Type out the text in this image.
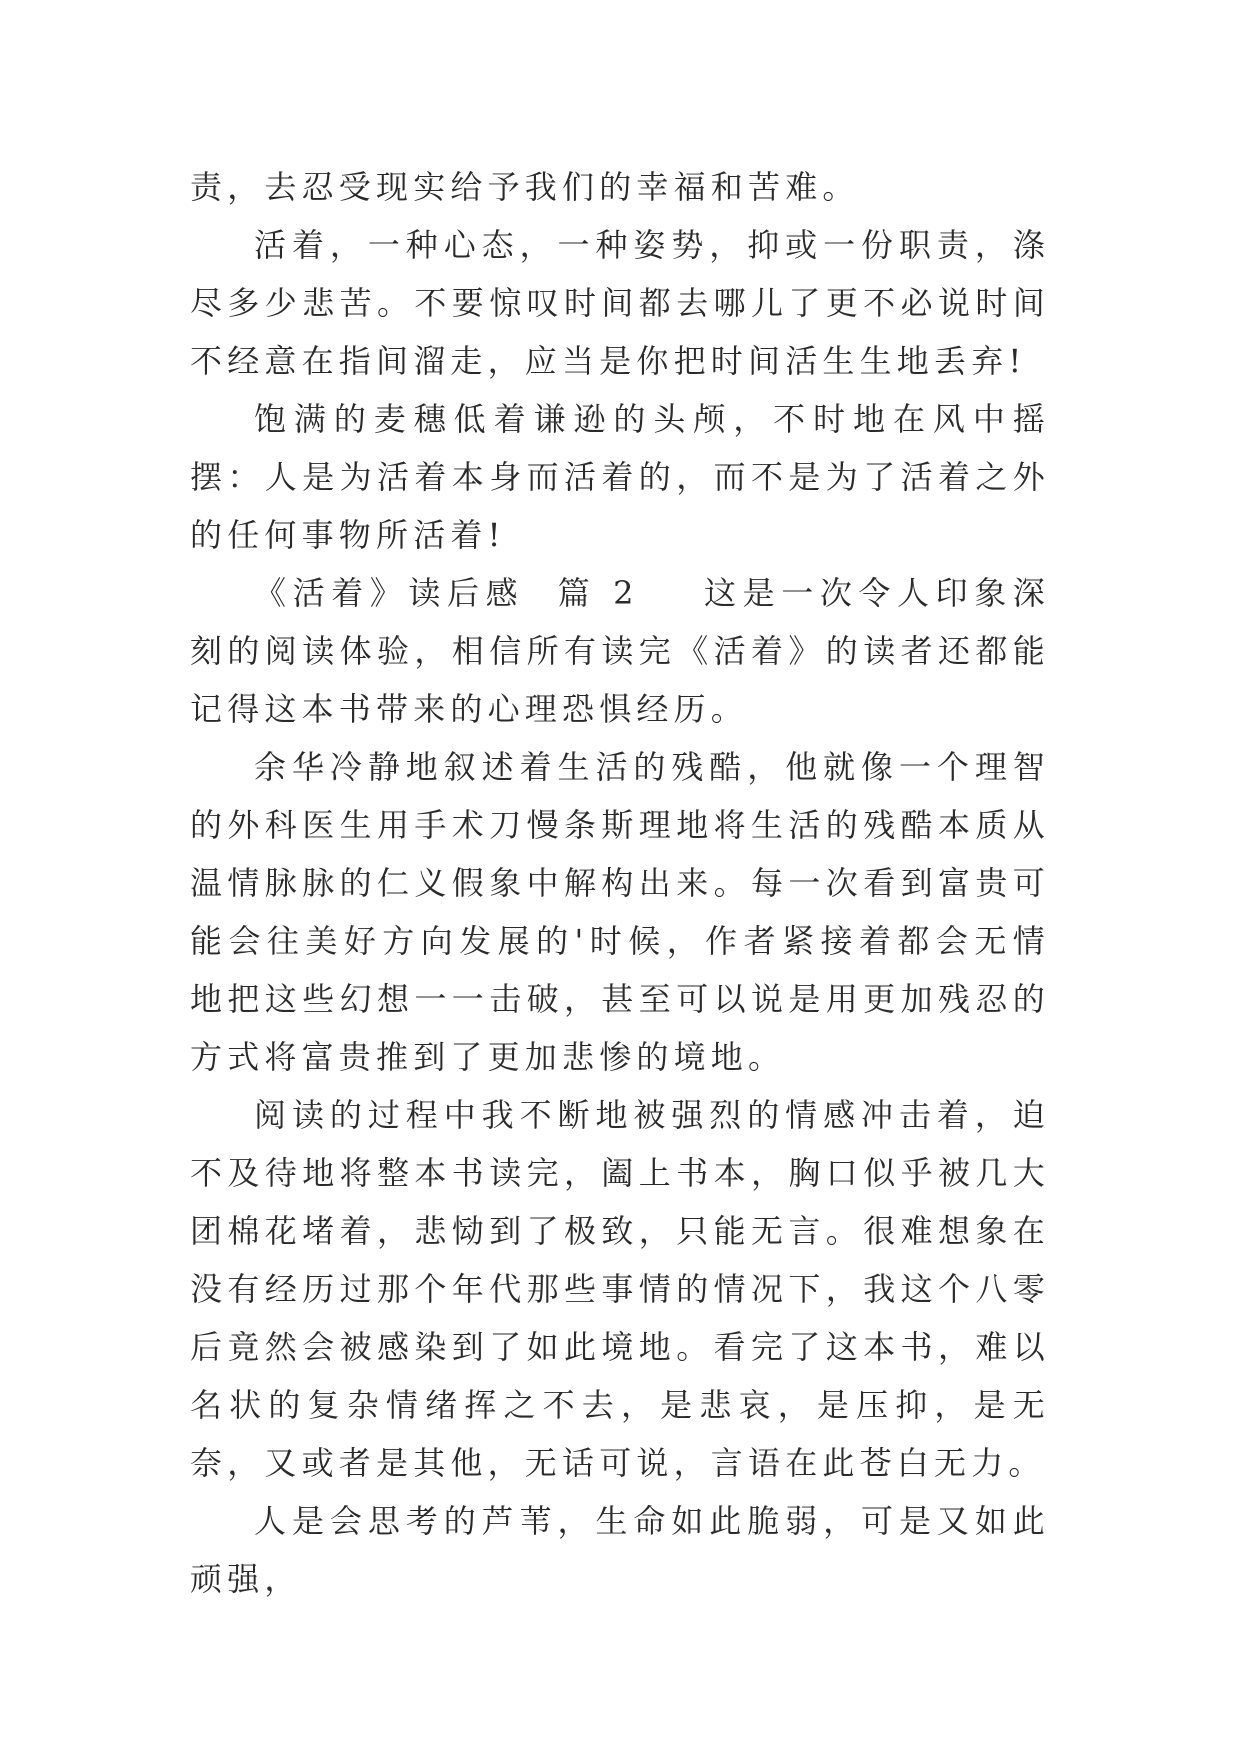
责，去忍受现实给予我们的幸福和苦难。

活着，一种心态，一种姿势，抑或一份职责，涤尽多少悲苦。不要惊叹时间都去哪儿了更不必说时间不经意在指间溜走，应当是你把时间活生生地丢弃!

饱满的麦穗低着谦逊的头颅，不时地在风中摇摆：人是为活着本身而活着的，而不是为了活着之外的任何事物所活着!

《活着》读后感 篇 2 这是一次令人印象深刻的阅读体验，相信所有读完《活着》的读者还都能记得这本书带来的心理恐惧经历。

余华冷静地叙述着生活的残酷，他就像一个理智的外科医生用手术刀慢条斯理地将生活的残酷本质从温情脉脉的仁义假象中解构出来。每一次看到富贵可能会往美好方向发展的'时候，作者紧接着都会无情地把这些幻想一一击破，甚至可以说是用更加残忍的方式将富贵推到了更加悲惨的境地。

阅读的过程中我不断地被强烈的情感冲击着，迫不及待地将整本书读完，阖上书本，胸口似乎被几大团棉花堵着，悲恸到了极致，只能无言。很难想象在没有经历过那个年代那些事情的情况下，我这个八零后竟然会被感染到了如此境地。看完了这本书，难以名状的复杂情绪挥之不去，是悲哀，是压抑，是无奈，又或者是其他，无话可说，言语在此苍白无力。

人是会思考的芦苇，生命如此脆弱，可是又如此顽强，
